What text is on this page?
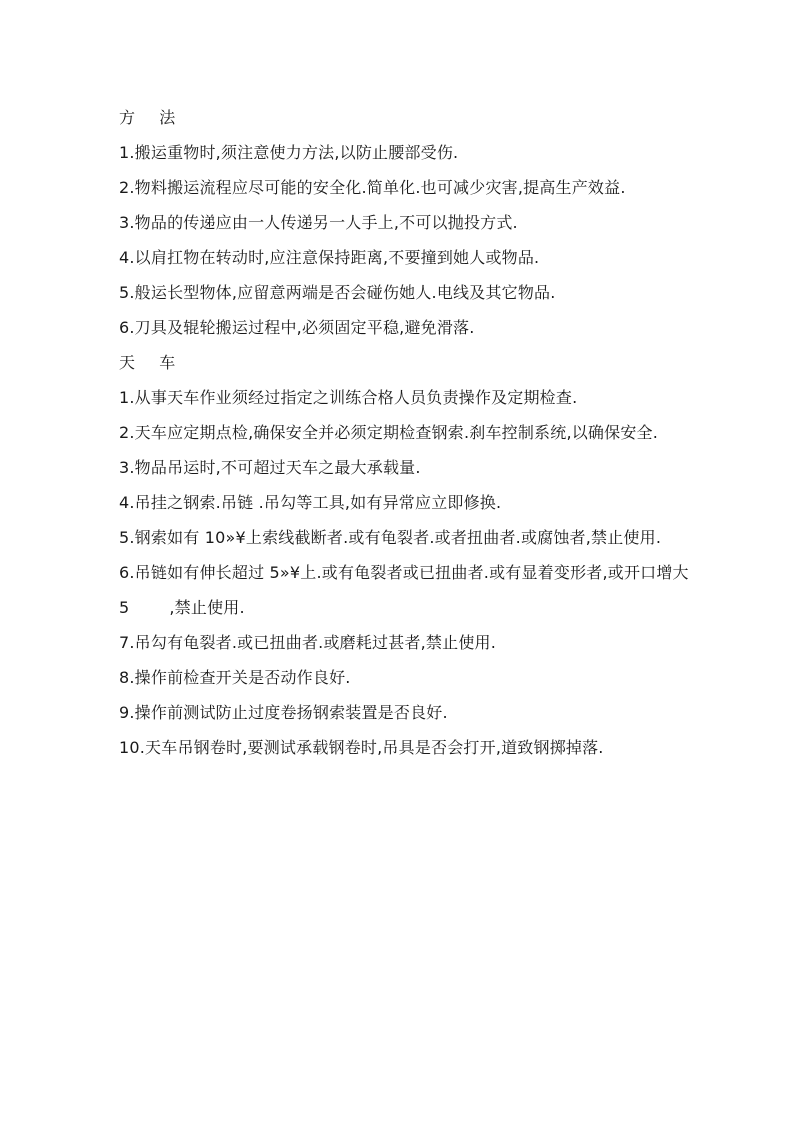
方 法

1.搬运重物时,须注意使力方法,以防止腰部受伤.

2.物料搬运流程应尽可能的安全化.简单化.也可减少灾害,提高生产效益.

3.物品的传递应由一人传递另一人手上,不可以抛投方式.

4.以肩扛物在转动时,应注意保持距离,不要撞到她人或物品.

5.般运长型物体,应留意两端是否会碰伤她人.电线及其它物品.

6.刀具及辊轮搬运过程中,必须固定平稳,避免滑落.

天 车

1.从事天车作业须经过指定之训练合格人员负责操作及定期检查.

2.天车应定期点检,确保安全并必须定期检查钢索.刹车控制系统,以确保安全.

3.物品吊运时,不可超过天车之最大承载量.

4.吊挂之钢索.吊链 .吊勾等工具,如有异常应立即修换.

5.钢索如有 10»¥上索线截断者.或有龟裂者.或者扭曲者.或腐蚀者,禁止使用.

6.吊链如有伸长超过 5»¥上.或有龟裂者或已扭曲者.或有显着变形者,或开口增大 5	,禁止使用.

7.吊勾有龟裂者.或已扭曲者.或磨耗过甚者,禁止使用.

8.操作前检查开关是否动作良好.

9.操作前测试防止过度卷扬钢索装置是否良好.

10.天车吊钢卷时,要测试承载钢卷时,吊具是否会打开,道致钢掷掉落.
